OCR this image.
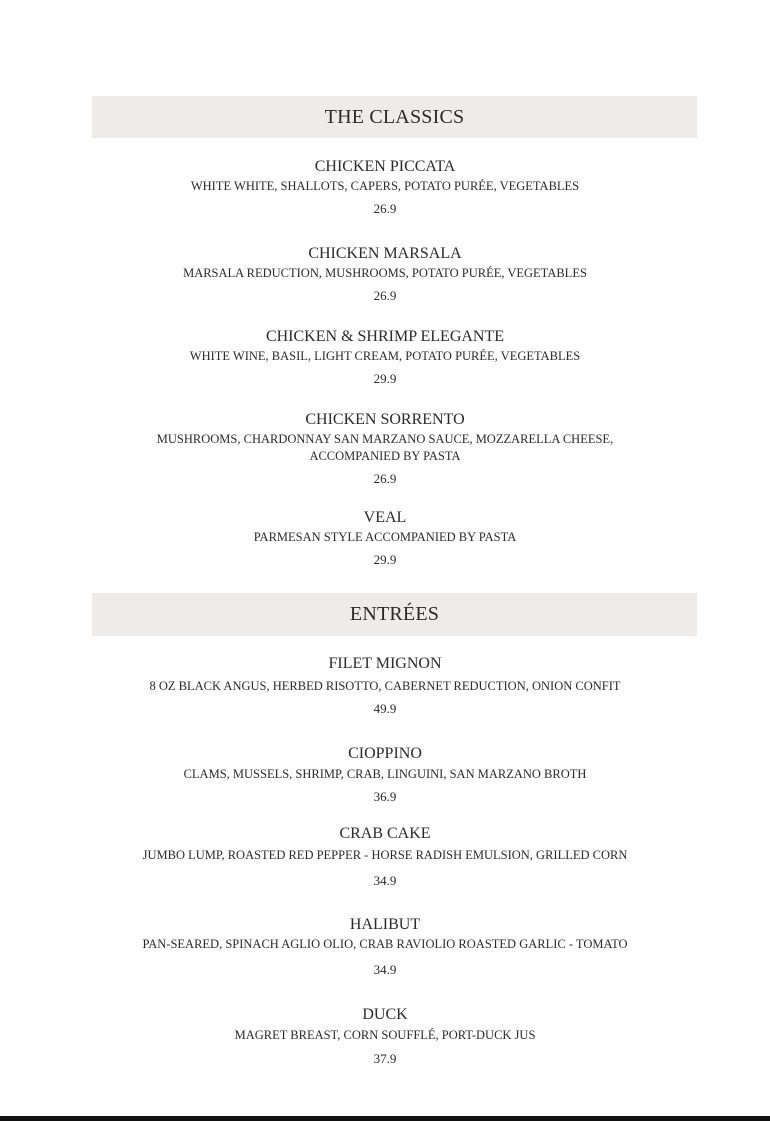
THE CLASSICS
CHICKEN PICCATA
WHITE WHITE, SHALLOTS, CAPERS, POTATO PURÉE, VEGETABLES
26.9
CHICKEN MARSALA
MARSALA REDUCTION, MUSHROOMS, POTATO PURÉE, VEGETABLES
26.9
CHICKEN & SHRIMP ELEGANTE
WHITE WINE, BASIL, LIGHT CREAM, POTATO PURÉE, VEGETABLES
29.9
CHICKEN SORRENTO
MUSHROOMS, CHARDONNAY SAN MARZANO SAUCE, MOZZARELLA CHEESE,
ACCOMPANIED BY PASTA
26.9
VEAL
PARMESAN STYLE ACCOMPANIED BY PASTA
29.9
ENTRÉES
FILET MIGNON
8 OZ BLACK ANGUS, HERBED RISOTTO, CABERNET REDUCTION, ONION CONFIT
49.9
CIOPPINO
CLAMS, MUSSELS, SHRIMP, CRAB, LINGUINI, SAN MARZANO BROTH
36.9
CRAB CAKE
JUMBO LUMP, ROASTED RED PEPPER - HORSE RADISH EMULSION, GRILLED CORN
34.9
HALIBUT
PAN-SEARED, SPINACH AGLIO OLIO, CRAB RAVIOLIO ROASTED GARLIC - TOMATO
34.9
DUCK
MAGRET BREAST, CORN SOUFFLÉ, PORT-DUCK JUS
37.9
